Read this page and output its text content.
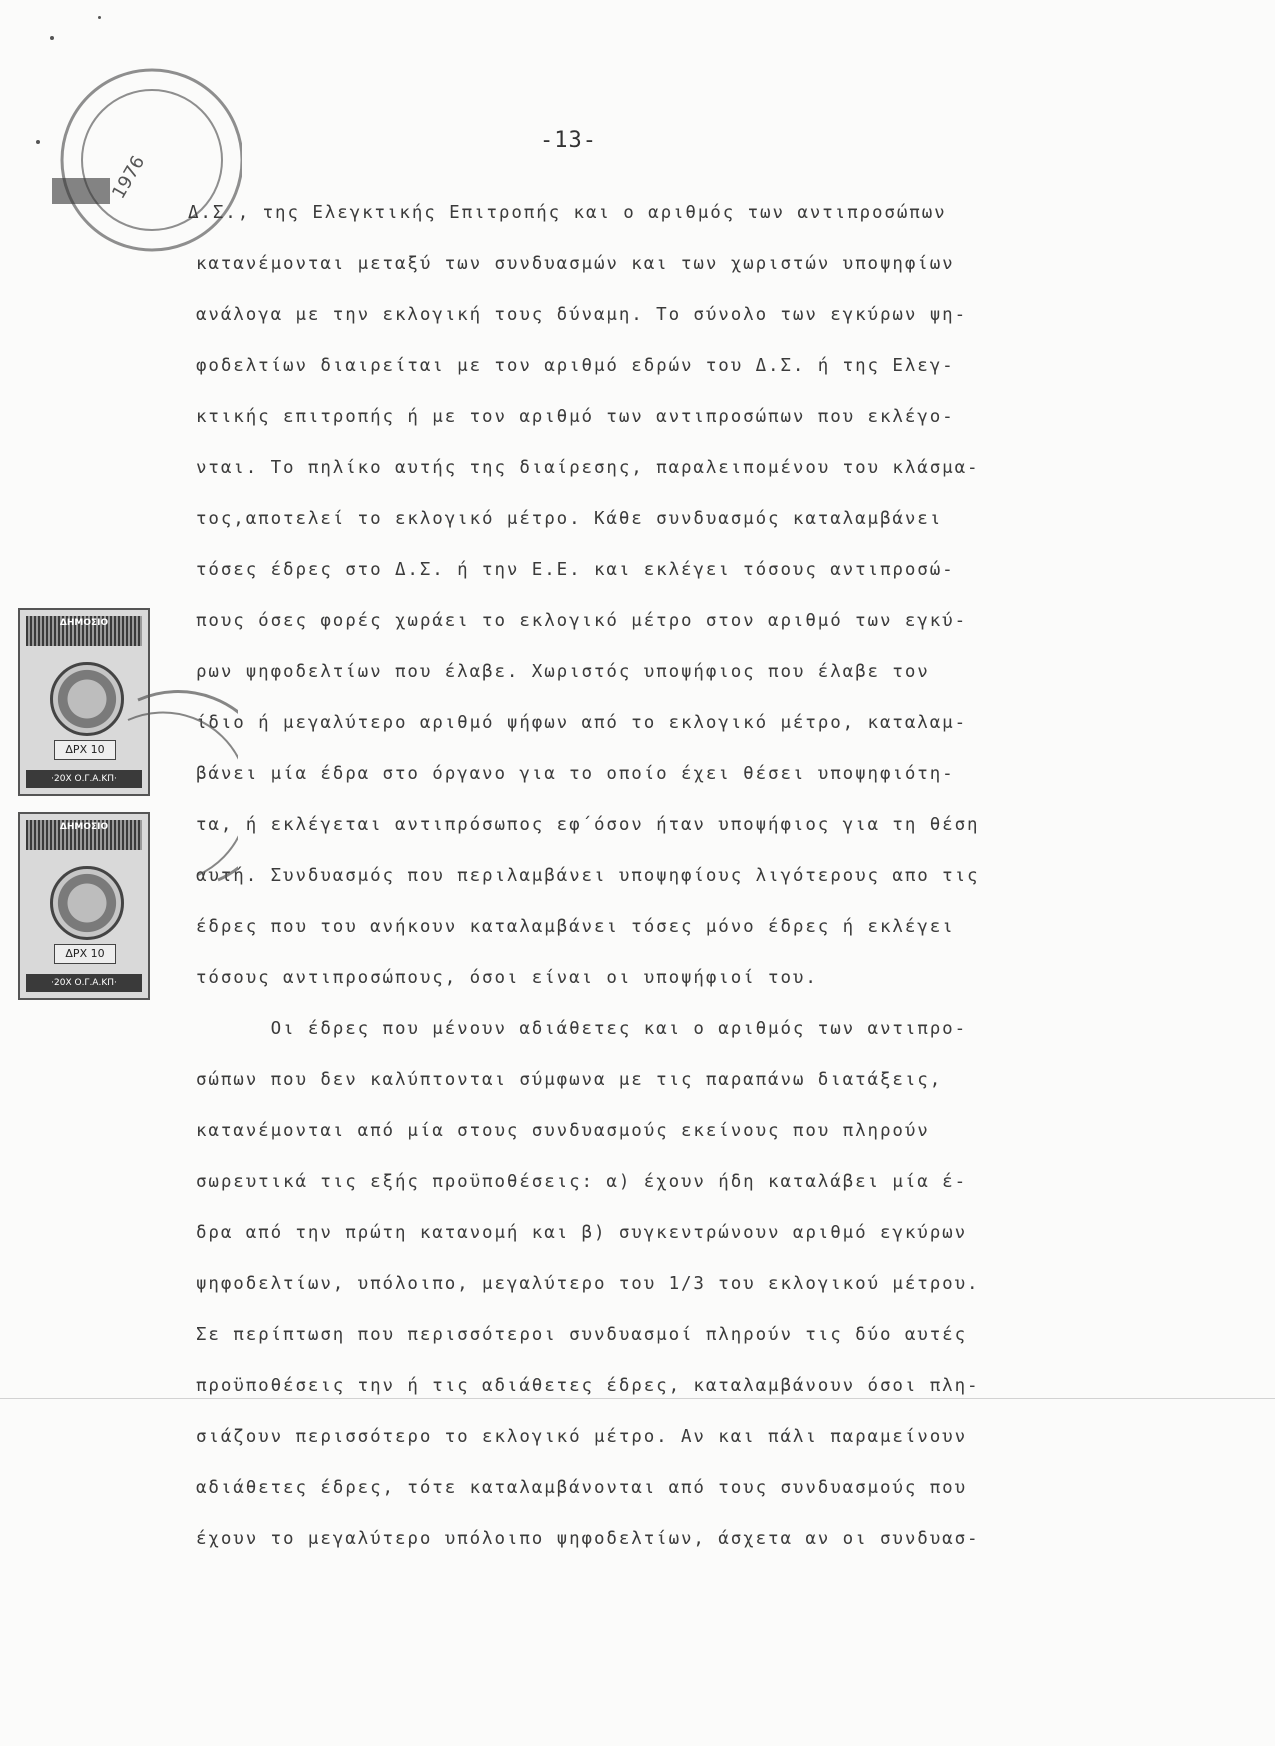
1976
-13-
Δ.Σ., της Ελεγκτικής Επιτροπής και ο αριθμός των αντιπροσώπων
κατανέμονται μεταξύ των συνδυασμών και των χωριστών υποψηφίων
ανάλογα με την εκλογική τους δύναμη. Το σύνολο των εγκύρων ψη-
φοδελτίων διαιρείται με τον αριθμό εδρών του Δ.Σ. ή της Ελεγ-
κτικής επιτροπής ή με τον αριθμό των αντιπροσώπων που εκλέγο-
νται. Το πηλίκο αυτής της διαίρεσης, παραλειπομένου του κλάσμα-
τος,αποτελεί το εκλογικό μέτρο. Κάθε συνδυασμός καταλαμβάνει
τόσες έδρες στο Δ.Σ. ή την Ε.Ε. και εκλέγει τόσους αντιπροσώ-
πους όσες φορές χωράει το εκλογικό μέτρο στον αριθμό των εγκύ-
ρων ψηφοδελτίων που έλαβε. Χωριστός υποψήφιος που έλαβε τον
ίδιο ή μεγαλύτερο αριθμό ψήφων από το εκλογικό μέτρο, καταλαμ-
βάνει μία έδρα στο όργανο για το οποίο έχει θέσει υποψηφιότη-
τα, ή εκλέγεται αντιπρόσωπος εφ΄όσον ήταν υποψήφιος για τη θέση
αυτή. Συνδυασμός που περιλαμβάνει υποψηφίους λιγότερους απο τις
έδρες που του ανήκουν καταλαμβάνει τόσες μόνο έδρες ή εκλέγει
τόσους αντιπροσώπους, όσοι είναι οι υποψήφιοί του.
Οι έδρες που μένουν αδιάθετες και ο αριθμός των αντιπρο-
σώπων που δεν καλύπτονται σύμφωνα με τις παραπάνω διατάξεις,
κατανέμονται από μία στους συνδυασμούς εκείνους που πληρούν
σωρευτικά τις εξής προϋποθέσεις: α) έχουν ήδη καταλάβει μία έ-
δρα από την πρώτη κατανομή και β) συγκεντρώνουν αριθμό εγκύρων
ψηφοδελτίων, υπόλοιπο, μεγαλύτερο του 1/3 του εκλογικού μέτρου.
Σε περίπτωση που περισσότεροι συνδυασμοί πληρούν τις δύο αυτές
προϋποθέσεις την ή τις αδιάθετες έδρες, καταλαμβάνουν όσοι πλη-
σιάζουν περισσότερο το εκλογικό μέτρο. Αν και πάλι παραμείνουν
αδιάθετες έδρες, τότε καταλαμβάνονται από τους συνδυασμούς που
έχουν το μεγαλύτερο υπόλοιπο ψηφοδελτίων, άσχετα αν οι συνδυασ-
ΔΗΜΟΣΙΟ
ΔΡΧ 10
·20Χ Ο.Γ.Α.ΚΠ·
ΔΗΜΟΣΙΟ
ΔΡΧ 10
·20Χ Ο.Γ.Α.ΚΠ·
